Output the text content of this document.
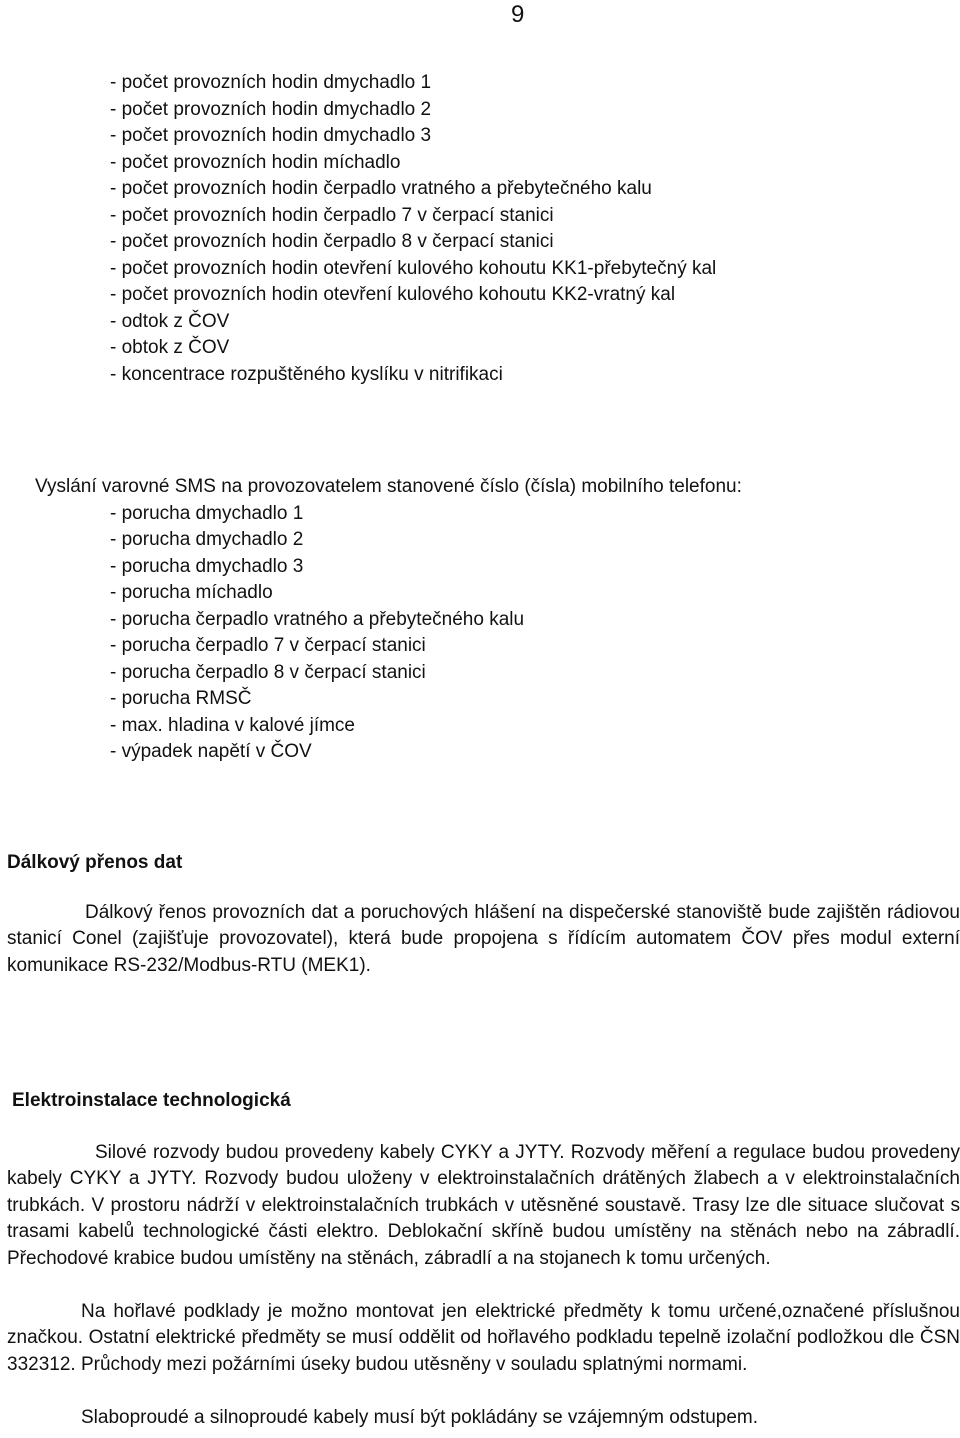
9
- počet provozních hodin dmychadlo 1
- počet provozních hodin dmychadlo 2
- počet provozních hodin dmychadlo 3
- počet provozních hodin míchadlo
- počet provozních hodin čerpadlo vratného a přebytečného kalu
- počet provozních hodin čerpadlo 7 v čerpací stanici
- počet provozních hodin čerpadlo 8 v čerpací stanici
- počet provozních hodin otevření kulového kohoutu KK1-přebytečný kal
- počet provozních hodin otevření kulového kohoutu KK2-vratný kal
- odtok z ČOV
- obtok z ČOV
- koncentrace rozpuštěného kyslíku v nitrifikaci
Vyslání varovné SMS na provozovatelem stanovené číslo (čísla) mobilního telefonu:
- porucha dmychadlo 1
- porucha dmychadlo 2
- porucha dmychadlo 3
- porucha míchadlo
- porucha čerpadlo vratného a přebytečného kalu
- porucha čerpadlo 7 v čerpací stanici
- porucha čerpadlo 8 v čerpací stanici
- porucha RMSČ
- max. hladina v kalové jímce
- výpadek napětí v ČOV
Dálkový přenos dat
Dálkový řenos provozních dat a poruchových hlášení na dispečerské stanoviště bude zajištěn rádiovou stanicí Conel (zajišťuje provozovatel), která bude propojena s řídícím automatem ČOV přes modul externí komunikace RS-232/Modbus-RTU (MEK1).
Elektroinstalace technologická
Silové rozvody budou provedeny kabely CYKY a JYTY. Rozvody měření a regulace budou provedeny kabely CYKY a JYTY. Rozvody budou uloženy v elektroinstalačních drátěných žlabech a v elektroinstalačních trubkách. V prostoru nádrží v elektroinstalačních trubkách v utěsněné soustavě. Trasy lze dle situace slučovat s trasami kabelů technologické části elektro. Deblokační skříně budou umístěny na stěnách nebo na zábradlí. Přechodové krabice budou umístěny na stěnách, zábradlí a na stojanech k tomu určených.
Na hořlavé podklady je možno montovat jen elektrické předměty k tomu určené,označené příslušnou značkou. Ostatní elektrické předměty se musí oddělit od hořlavého podkladu tepelně izolační podložkou dle ČSN 332312. Průchody mezi požárními úseky budou utěsněny v souladu splatnými normami.
Slaboproudé a silnoproudé kabely musí být pokládány se vzájemným odstupem.
